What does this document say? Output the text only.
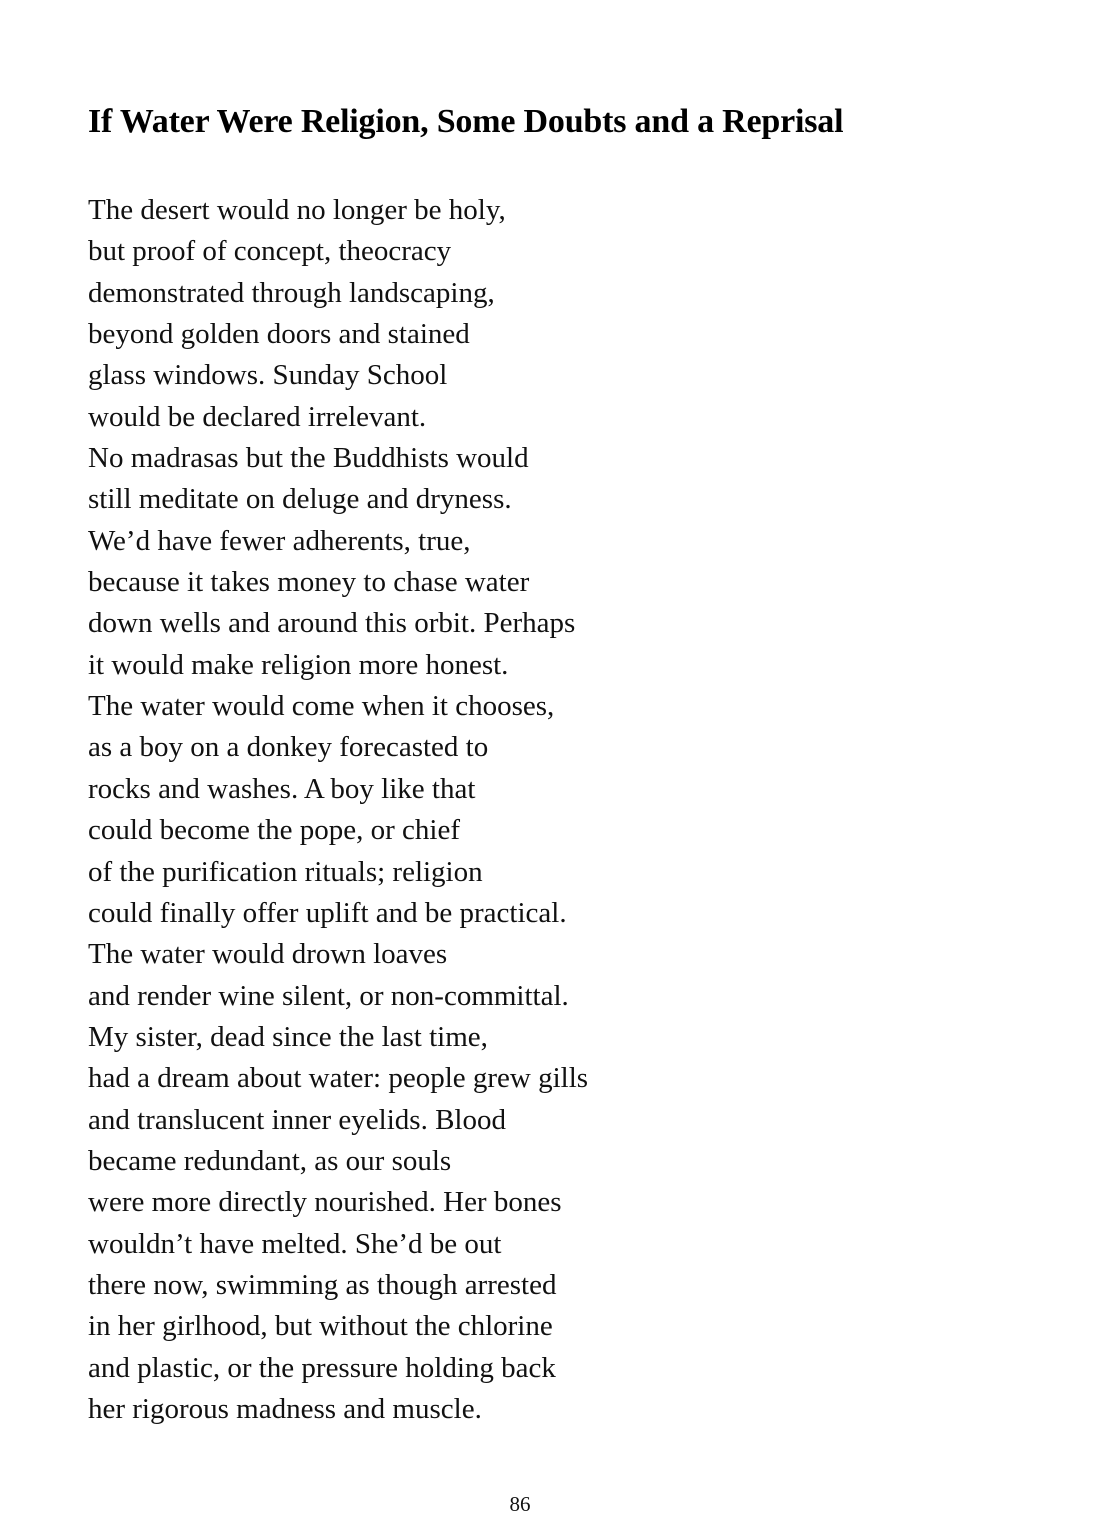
If Water Were Religion, Some Doubts and a Reprisal
The desert would no longer be holy,
but proof of concept, theocracy
demonstrated through landscaping,
beyond golden doors and stained
glass windows. Sunday School
would be declared irrelevant.
No madrasas but the Buddhists would
still meditate on deluge and dryness.
We’d have fewer adherents, true,
because it takes money to chase water
down wells and around this orbit. Perhaps
it would make religion more honest.
The water would come when it chooses,
as a boy on a donkey forecasted to
rocks and washes. A boy like that
could become the pope, or chief
of the purification rituals; religion
could finally offer uplift and be practical.
The water would drown loaves
and render wine silent, or non-committal.
My sister, dead since the last time,
had a dream about water: people grew gills
and translucent inner eyelids. Blood
became redundant, as our souls
were more directly nourished. Her bones
wouldn’t have melted. She’d be out
there now, swimming as though arrested
in her girlhood, but without the chlorine
and plastic, or the pressure holding back
her rigorous madness and muscle.
86
